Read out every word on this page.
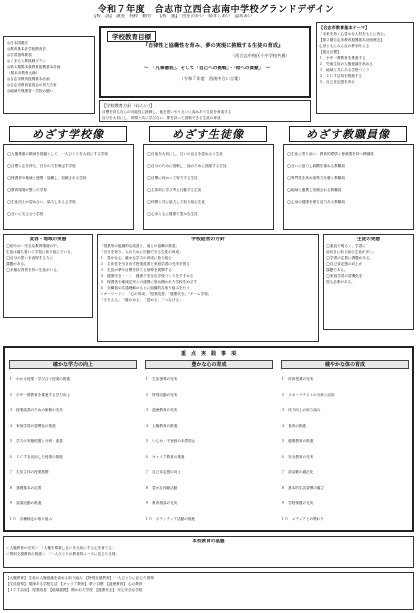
令和７年度　合志市立西合志南中学校グランドデザイン
【校　訓】　誠実　純粋　勤労　　【校　風】　団をのかい　励ましあい　認めあい
◎日本国憲法
◎教育基本法学校教育法
◎学習指導要領
◎くまもと夢挑戦プラン
◎第４期熊本県教育振興基本計画
（熊本市教育大綱）
◎合志市教育振興基本計画
◎合志市教育委員会の努力方針
◎地域や保護者・学校の願い
学校教育目標
『自律性と協働性を育み、夢の実現に挑戦する生徒の育成』
（西合志中校区小中学校共通）
～　「凡事徹底」、そして「自己への挑戦」・「他への貢献」　～
（令和７年度　西南中合い言葉）
【合志市教育基本テーマ】
「未来を拓く心豊かな人材をもとに育む」
【第２期合志市教育振興基本計画理念】
心身ともにみんなの夢を叶える
【重点目標】
１．小中一貫教育を推進する
２．児童生徒の人権意識を高める
３．地域と共にある学校づくり
４．ＩＣＴ活用を推進する
５．自己肯定感を育む
【学校教育方針（ねらい）】
目標を持ち自らの可能性に挑戦し、他を思いやり互いに高めあう生徒を育成する
自分を大切にし、仲間と共に学び合い、夢を持って挑戦できる生徒の育成
めざす学校像
◯人権尊重の精神を基盤として、一人ひとりを大切にする学校
◯目標と志を持ち、自分の力を伸ばす学校
◯保護者や地域と連携・協働し、信頼される学校
◯教育環境が整った学校
◯生徒同士が認め合い、協力しあえる学校
◯互いに支え合う学校
めざす生徒像
◯自他を大切にし、互いの良さを認め合う生徒
◯自分のために挑戦し、他のために貢献する生徒
◯目標に向かって努力する生徒
◯主体的に学び考え行動する生徒
◯仲間と共に協力して取り組む生徒
◯心身ともに健康で豊かな生徒
めざす教職員像
◯生徒に寄り添い、教育的愛情と使命感を持つ教職員
◯互いに協力し研鑽を重ねる教職員
◯専門性を高め指導力を磨く教職員
◯地域と連携し信頼される教職員
◯心身の健康を保ち活力ある教職員
変容・地域の実態
◯穏やか・安全な教育環境の中、
生徒は落ち着いて学習に取り組んでいる。
◯自分の思いを表現する力に
課題がある。
◯多様な背景を持つ生徒がいる。
学校経営の方針
「授業等の組織的な改善と、他との協働の推進」
「自分を知り、人のために行動できる生徒の育成」
１　豊かな心、確かな学力の育成に取り組む
２　主体性を引き出す授業改善と家庭学習の充実を図る
３　生徒が夢や目標を持てる指導を展開する
４　健康安全・・・　健康で安全な学校づくりをすすめる
５　保護者や地域住民との連携に努め開かれた学校をめざす
６　全職員の共通理解のもとに組織的な取り組みを行う
＜キーワード＞　「心の育成」「授業改善」「健康安全」「チーム学校」
「そろえる」　「確かめる」　「認める」　「つなげる」
生徒の実態
◯素直で明るく、学習に
前向きに取り組む生徒が多い。
◯学習の定着に課題がある。
◯自己肯定感の向上が
課題である。
◯家庭学習の習慣化を
図る必要がある。
重　点　実　践　事　項
確かな学力の向上
１　わかる授業・学び合う授業の推進
２　小中一貫教育を推進する学力向上
３　授業改善のための研修の充実
４　家庭学習の習慣化の推進
５　学力の実態把握と分析・改善
６　ＩＣＴを活用した授業の推進
７　生徒主体の授業展開
８　基礎基本の定着
９　読書活動の推進
１０　各種検定の取り組み
豊かな心の育成
１　生徒指導の充実
２　特別活動の充実
３　道徳教育の充実
４　人権教育の推進
５　いじめ・不登校の未然防止
６　キャリア教育の推進
７　自己肯定感の向上
８　豊かな体験活動
９　教育相談の充実
１０　ボランティア活動の推進
健やかな体の育成
１　体育授業の充実
２　スポーツテストの分析と活用
３　体力向上の取り組み
４　食育の推進
５　健康教育の推進
６　安全教育の充実
７　部活動の適正化
８　基本的生活習慣の確立
９　学校保健の充実
１０　メディアとの関わり
本校教育の基盤
＜人権教育の充実＞　「人権を尊重し互いを大切にする心を育てる」
＜特別支援教育の推進＞　「一人ひとりの教育的ニーズに応じた支援」
【人権教育】 生徒の人権意識を高める取り組み　【特別支援教育】 一人ひとりに応じた指導
【生徒指導】 規律ある学校生活　【キャリア教育】 夢と目標　【道徳教育】 心の教育
【ＩＣＴ活用】 授業改善　【地域連携】 開かれた学校　【健康安全】 安心安全な学校
